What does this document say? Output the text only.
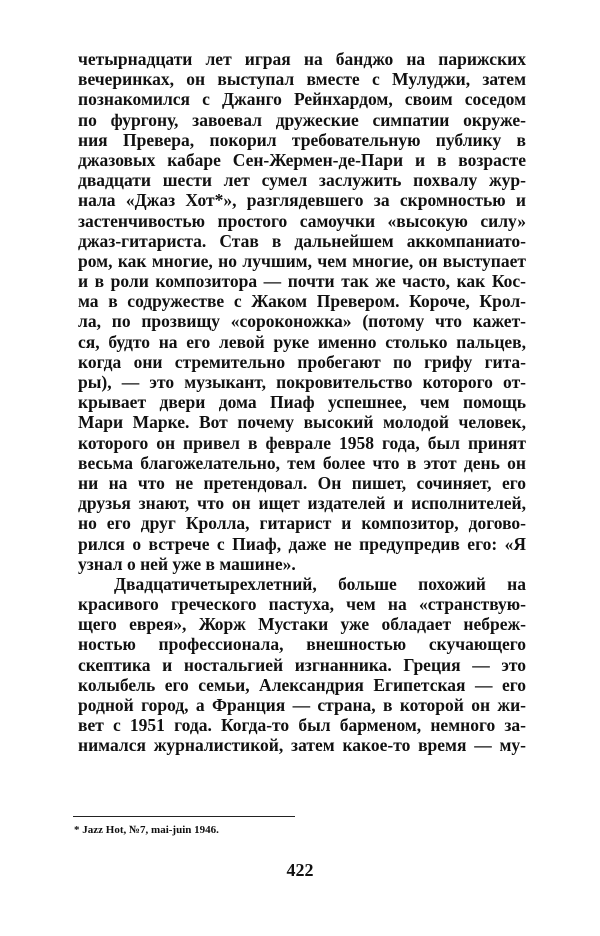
четырнадцати лет играя на банджо на парижских
вечеринках, он выступал вместе с Мулуджи, затем
познакомился с Джанго Рейнхардом, своим соседом
по фургону, завоевал дружеские симпатии окруже-
ния Превера, покорил требовательную публику в
джазовых кабаре Сен-Жермен-де-Пари и в возрасте
двадцати шести лет сумел заслужить похвалу жур-
нала «Джаз Хот*», разглядевшего за скромностью и
застенчивостью простого самоучки «высокую силу»
джаз-гитариста. Став в дальнейшем аккомпаниато-
ром, как многие, но лучшим, чем многие, он выступает
и в роли композитора — почти так же часто, как Кос-
ма в содружестве с Жаком Превером. Короче, Крол-
ла, по прозвищу «сороконожка» (потому что кажет-
ся, будто на его левой руке именно столько пальцев,
когда они стремительно пробегают по грифу гита-
ры), — это музыкант, покровительство которого от-
крывает двери дома Пиаф успешнее, чем помощь
Мари Марке. Вот почему высокий молодой человек,
которого он привел в феврале 1958 года, был принят
весьма благожелательно, тем более что в этот день он
ни на что не претендовал. Он пишет, сочиняет, его
друзья знают, что он ищет издателей и исполнителей,
но его друг Кролла, гитарист и композитор, догово-
рился о встрече с Пиаф, даже не предупредив его: «Я
узнал о ней уже в машине».
Двадцатичетырехлетний, больше похожий на
красивого греческого пастуха, чем на «странствую-
щего еврея», Жорж Мустаки уже обладает небреж-
ностью профессионала, внешностью скучающего
скептика и ностальгией изгнанника. Греция — это
колыбель его семьи, Александрия Египетская — его
родной город, а Франция — страна, в которой он жи-
вет с 1951 года. Когда-то был барменом, немного за-
нимался журналистикой, затем какое-то время — му-
* Jazz Hot, №7, mai-juin 1946.
422
